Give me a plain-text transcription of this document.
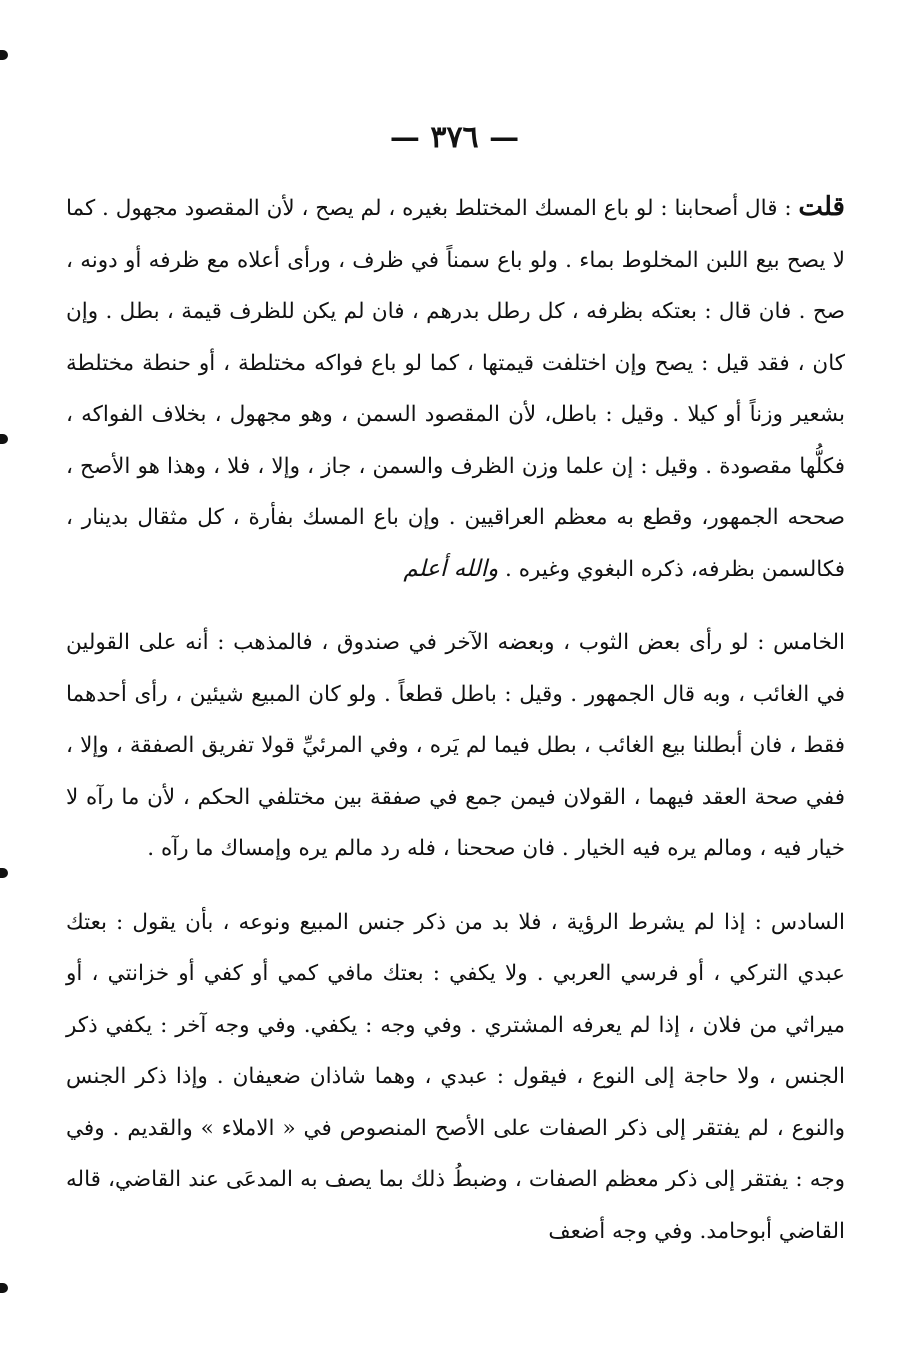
— ٣٧٦ —

قلت : قال أصحابنا : لو باع المسك المختلط بغيره ، لم يصح ، لأن المقصود مجهول . كما لا يصح بيع اللبن المخلوط بماء . ولو باع سمناً في ظرف ، ورأى أعلاه مع ظرفه أو دونه ، صح . فان قال : بعتكه بظرفه ، كل رطل بدرهم ، فان لم يكن للظرف قيمة ، بطل . وإن كان ، فقد قيل : يصح وإن اختلفت قيمتها ، كما لو باع فواكه مختلطة ، أو حنطة مختلطة بشعير وزناً أو كيلا . وقيل : باطل، لأن المقصود السمن ، وهو مجهول ، بخلاف الفواكه ، فكلُّها مقصودة . وقيل : إن علما وزن الظرف والسمن ، جاز ، وإلا ، فلا ، وهذا هو الأصح ، صححه الجمهور، وقطع به معظم العراقيين . وإن باع المسك بفأرة ، كل مثقال بدينار ، فكالسمن بظرفه، ذكره البغوي وغيره . والله أعلم

الخامس : لو رأى بعض الثوب ، وبعضه الآخر في صندوق ، فالمذهب : أنه على القولين في الغائب ، وبه قال الجمهور . وقيل : باطل قطعاً . ولو كان المبيع شيئين ، رأى أحدهما فقط ، فان أبطلنا بيع الغائب ، بطل فيما لم يَره ، وفي المرئيِّ قولا تفريق الصفقة ، وإلا ، ففي صحة العقد فيهما ، القولان فيمن جمع في صفقة بين مختلفي الحكم ، لأن ما رآه لا خيار فيه ، ومالم يره فيه الخيار . فان صححنا ، فله رد مالم يره وإمساك ما رآه .

السادس : إذا لم يشرط الرؤية ، فلا بد من ذكر جنس المبيع ونوعه ، بأن يقول : بعتك عبدي التركي ، أو فرسي العربي . ولا يكفي : بعتك مافي كمي أو كفي أو خزانتي ، أو ميراثي من فلان ، إذا لم يعرفه المشتري . وفي وجه : يكفي. وفي وجه آخر : يكفي ذكر الجنس ، ولا حاجة إلى النوع ، فيقول : عبدي ، وهما شاذان ضعيفان . وإذا ذكر الجنس والنوع ، لم يفتقر إلى ذكر الصفات على الأصح المنصوص في « الاملاء » والقديم . وفي وجه : يفتقر إلى ذكر معظم الصفات ، وضبطُ ذلك بما يصف به المدعَى عند القاضي، قاله القاضي أبوحامد. وفي وجه أضعف
